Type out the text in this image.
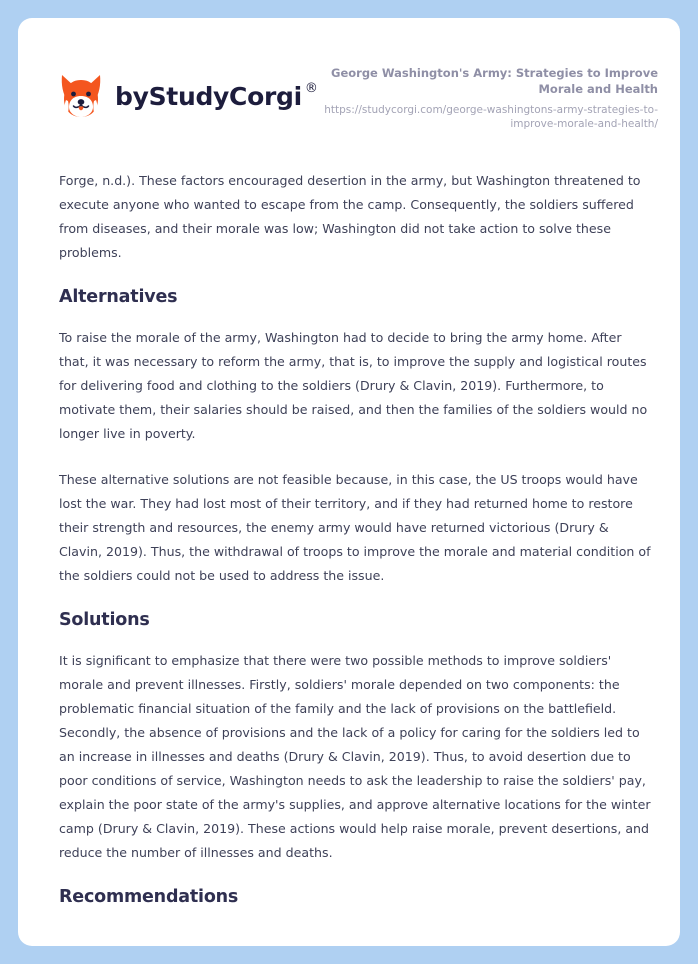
by StudyCorgi ®

George Washington's Army: Strategies to Improve Morale and Health

https://studycorgi.com/george-washingtons-army-strategies-to-improve-morale-and-health/

Forge, n.d.). These factors encouraged desertion in the army, but Washington threatened to execute anyone who wanted to escape from the camp. Consequently, the soldiers suffered from diseases, and their morale was low; Washington did not take action to solve these problems.

Alternatives

To raise the morale of the army, Washington had to decide to bring the army home. After that, it was necessary to reform the army, that is, to improve the supply and logistical routes for delivering food and clothing to the soldiers (Drury & Clavin, 2019). Furthermore, to motivate them, their salaries should be raised, and then the families of the soldiers would no longer live in poverty.

These alternative solutions are not feasible because, in this case, the US troops would have lost the war. They had lost most of their territory, and if they had returned home to restore their strength and resources, the enemy army would have returned victorious (Drury & Clavin, 2019). Thus, the withdrawal of troops to improve the morale and material condition of the soldiers could not be used to address the issue.

Solutions

It is significant to emphasize that there were two possible methods to improve soldiers' morale and prevent illnesses. Firstly, soldiers' morale depended on two components: the problematic financial situation of the family and the lack of provisions on the battlefield. Secondly, the absence of provisions and the lack of a policy for caring for the soldiers led to an increase in illnesses and deaths (Drury & Clavin, 2019). Thus, to avoid desertion due to poor conditions of service, Washington needs to ask the leadership to raise the soldiers' pay, explain the poor state of the army's supplies, and approve alternative locations for the winter camp (Drury & Clavin, 2019). These actions would help raise morale, prevent desertions, and reduce the number of illnesses and deaths.

Recommendations
